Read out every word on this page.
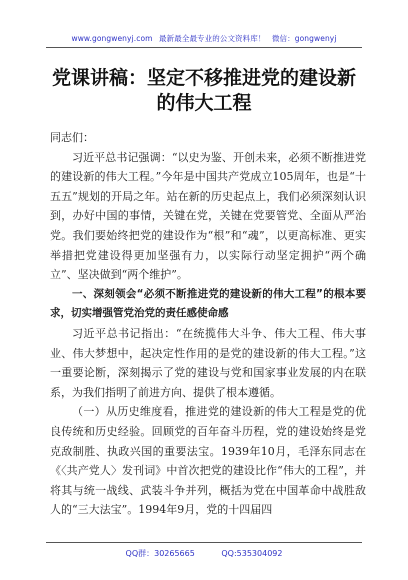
www.gongwenyj.com 最新最全最专业的公文资料库！ 微信：gongwenyj
党课讲稿：坚定不移推进党的建设新的伟大工程

同志们：

习近平总书记强调：“以史为鉴、开创未来，必须不断推进党的建设新的伟大工程。”今年是中国共产党成立105周年，也是“十五五”规划的开局之年。站在新的历史起点上，我们必须深刻认识到，办好中国的事情，关键在党，关键在党要管党、全面从严治党。我们要始终把党的建设作为“根”和“魂”，以更高标准、更实举措把党建设得更加坚强有力，以实际行动坚定拥护“两个确立”、坚决做到“两个维护”。

一、深刻领会“必须不断推进党的建设新的伟大工程”的根本要求，切实增强管党治党的责任感使命感

习近平总书记指出：“在统揽伟大斗争、伟大工程、伟大事业、伟大梦想中，起决定性作用的是党的建设新的伟大工程。”这一重要论断，深刻揭示了党的建设与党和国家事业发展的内在联系，为我们指明了前进方向、提供了根本遵循。

（一）从历史维度看，推进党的建设新的伟大工程是党的优良传统和历史经验。回顾党的百年奋斗历程，党的建设始终是党克敌制胜、执政兴国的重要法宝。1939年10月，毛泽东同志在《〈共产党人〉发刊词》中首次把党的建设比作“伟大的工程”，并将其与统一战线、武装斗争并列，概括为党在中国革命中战胜敌人的“三大法宝”。1994年9月，党的十四届四

QQ群：30265665	QQ:535304092
